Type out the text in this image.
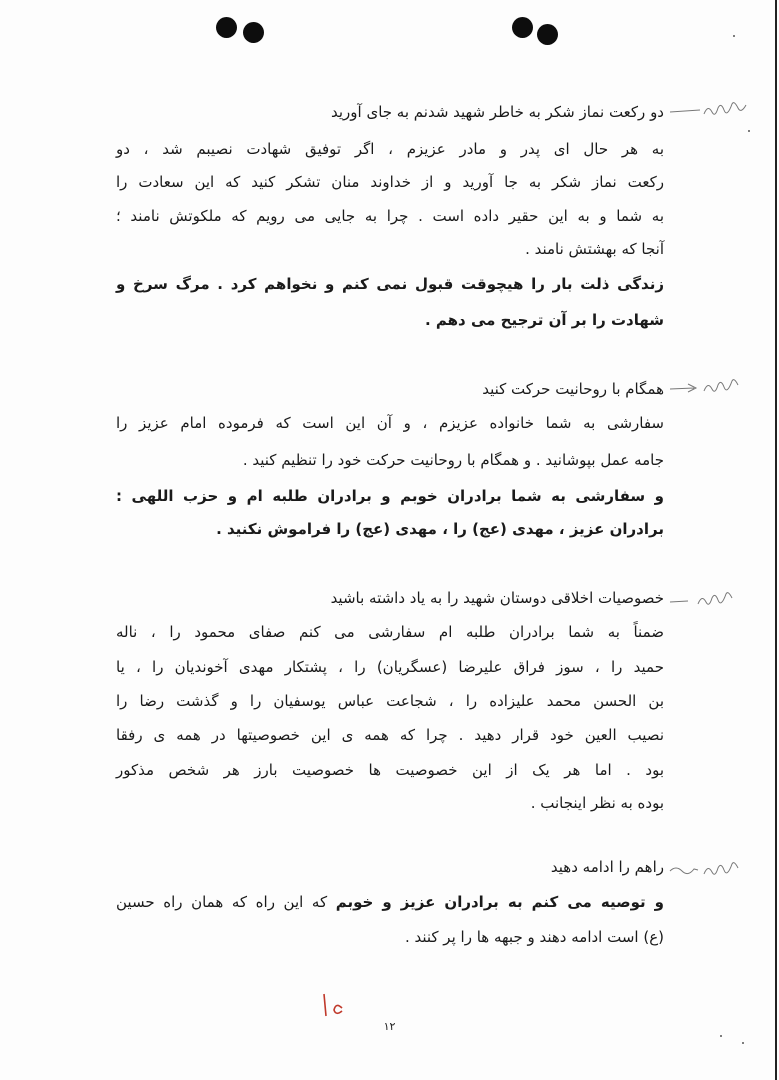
دو رکعت نماز شکر به خاطر شهید شدنم به جای آورید

به هر حال ای پدر و مادر عزیزم ، اگر توفیق شهادت نصیبم شد ، دو

رکعت نماز شکر به جا آورید و از خداوند منان تشکر کنید که این سعادت را

به شما و به این حقیر داده است . چرا به جایی می رویم که ملکوتش نامند ؛

آنجا که بهشتش نامند .

زندگی ذلت بار را هیچوقت قبول نمی کنم و نخواهم کرد . مرگ سرخ و

شهادت را بر آن ترجیح می دهم .

همگام با روحانیت حرکت کنید

سفارشی به شما خانواده عزیزم ، و آن این است که فرموده امام عزیز را

جامه عمل بپوشانید . و همگام با روحانیت حرکت خود را تنظیم کنید .

و سفارشی به شما برادران خوبم و برادران طلبه ام و حزب اللهی :

برادران عزیز ، مهدی (عج) را ، مهدی (عج) را فراموش نکنید .

خصوصیات اخلاقی دوستان شهید را به یاد داشته باشید

ضمناً به شما برادران طلبه ام سفارشی می کنم صفای محمود را ، ناله

حمید را ، سوز فراق علیرضا (عسگریان) را ، پشتکار مهدی آخوندیان را ، یا

بن الحسن محمد علیزاده را ، شجاعت عباس یوسفیان را و گذشت رضا را

نصیب العین خود قرار دهید . چرا که همه ی این خصوصیتها در همه ی رفقا

بود . اما هر یک از این خصوصیت ها خصوصیت بارز هر شخص مذکور

بوده به نظر اینجانب .

راهم را ادامه دهید

و توصیه می کنم به برادران عزیز و خوبم که این راه که همان راه حسین

(ع) است ادامه دهند و جبهه ها را پر کنند .

۱۲
